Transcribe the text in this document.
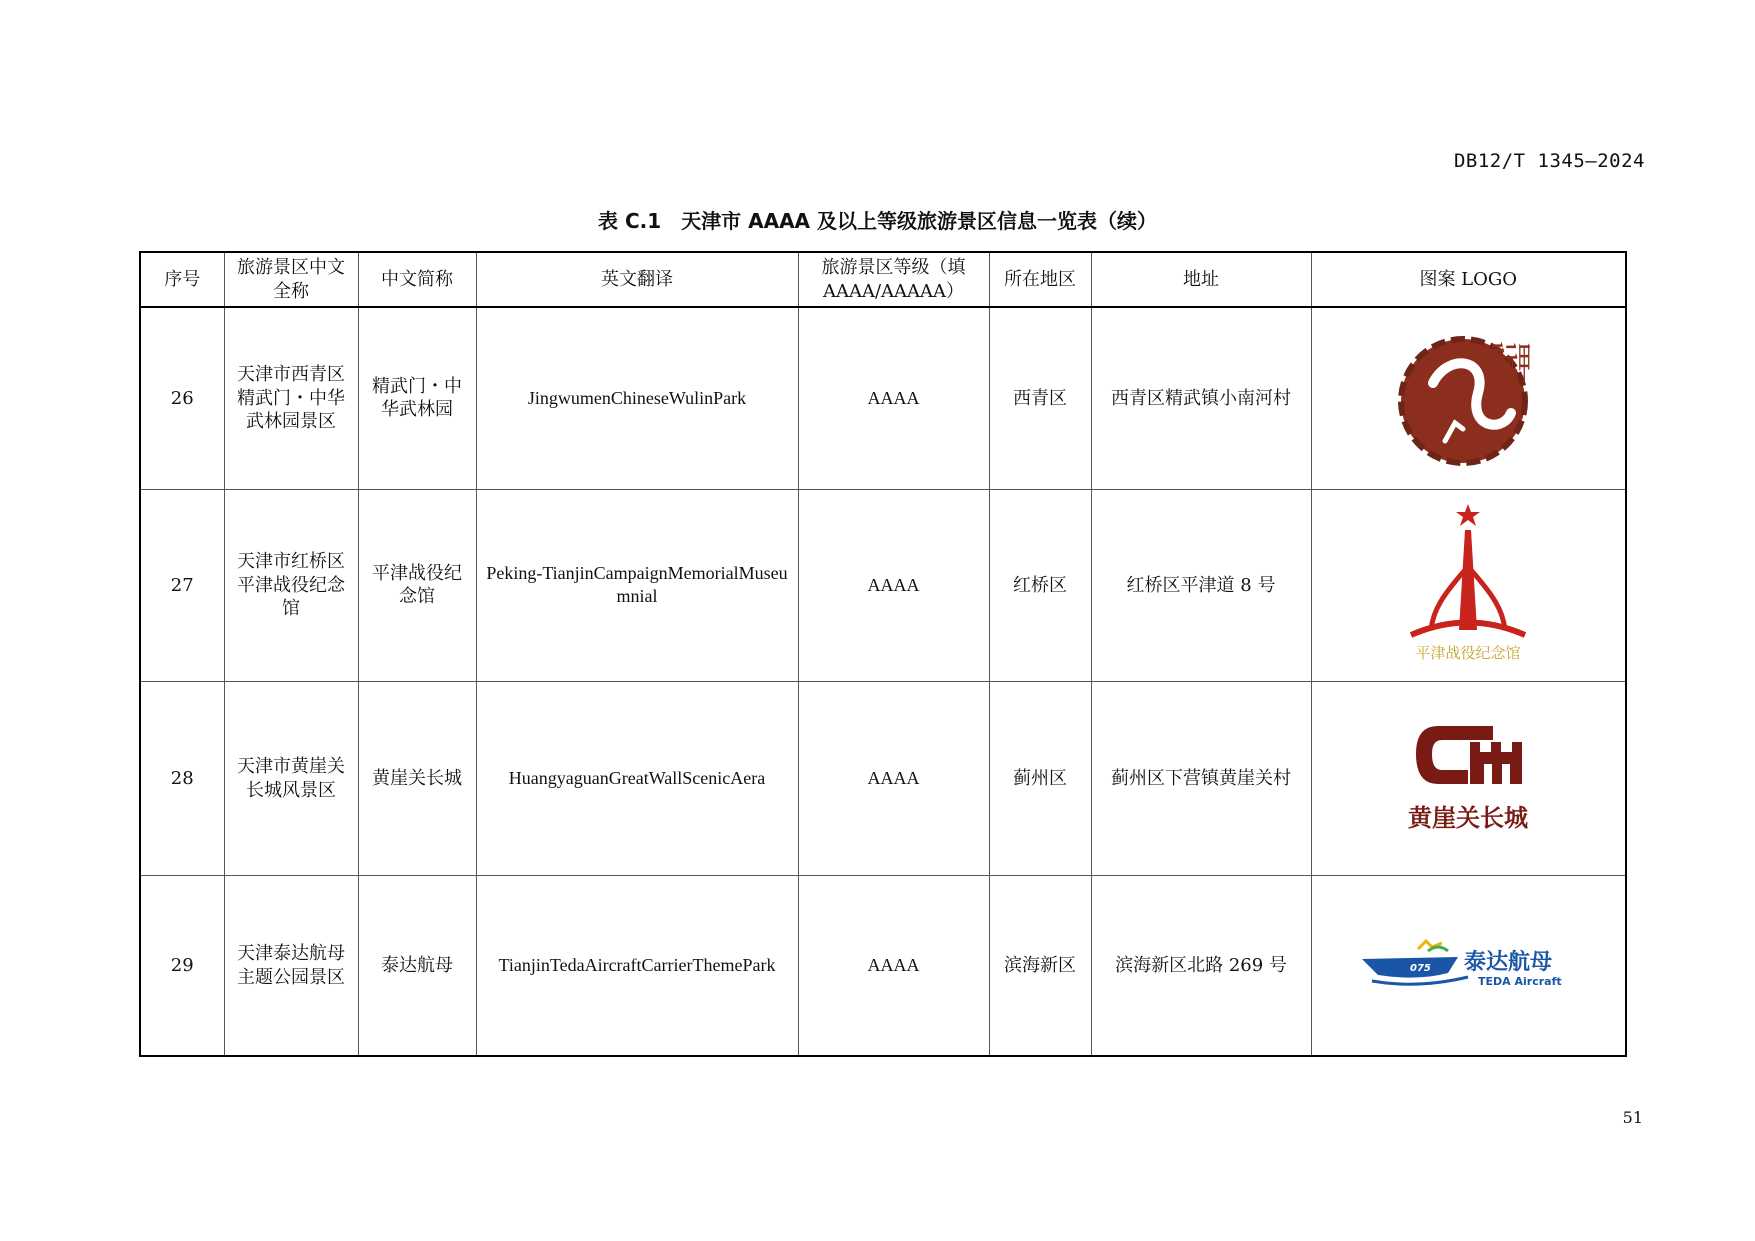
DB12/T 1345—2024
表 C.1　天津市 AAAA 及以上等级旅游景区信息一览表（续）
序号	旅游景区中文全称	中文简称	英文翻译	旅游景区等级（填 AAAA/AAAAA）	所在地区	地址	图案 LOGO
26	天津市西青区精武门・中华武林园景区	精武门・中华武林园	JingwumenChineseWulinPark	AAAA	西青区	西青区精武镇小南河村	霍元甲

27	天津市红桥区平津战役纪念馆	平津战役纪念馆	Peking-TianjinCampaignMemorialMuseumnial	AAAA	红桥区	红桥区平津道 8 号	平津战役纪念馆

28	天津市黄崖关长城风景区	黄崖关长城	HuangyaguanGreatWallScenicAera	AAAA	蓟州区	蓟州区下营镇黄崖关村	黄崖关长城

29	天津泰达航母主题公园景区	泰达航母	TianjinTedaAircraftCarrierThemePark	AAAA	滨海新区	滨海新区北路 269 号	075 泰达航母
TEDA Aircraft
51
